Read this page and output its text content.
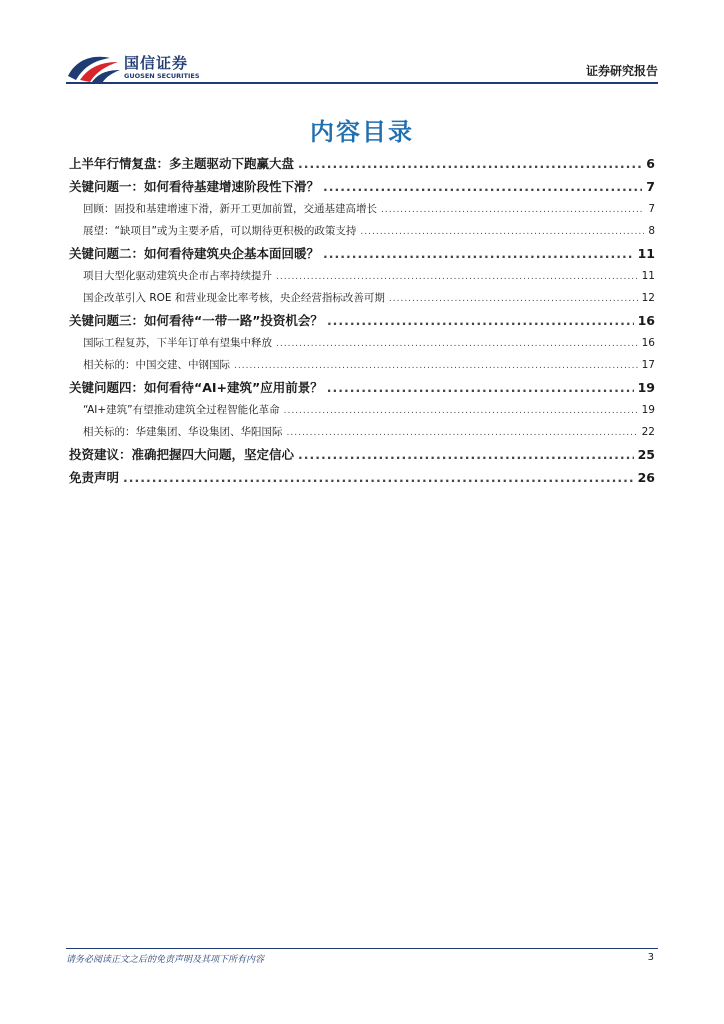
国信证券
GUOSEN SECURITIES	证券研究报告
内容目录
上半年行情复盘：多主题驱动下跑赢大盘 .....	6
关键问题一：如何看待基建增速阶段性下滑？ .....	7
回顾：固投和基建增速下滑，新开工更加前置，交通基建高增长 .....	7
展望：“缺项目”或为主要矛盾，可以期待更积极的政策支持 .....	8
关键问题二：如何看待建筑央企基本面回暖？ .....	11
项目大型化驱动建筑央企市占率持续提升 .....	11
国企改革引入 ROE 和营业现金比率考核，央企经营指标改善可期 .....	12
关键问题三：如何看待“一带一路”投资机会？ .....	16
国际工程复苏，下半年订单有望集中释放 .....	16
相关标的：中国交建、中钢国际 .....	17
关键问题四：如何看待“AI+建筑”应用前景？ .....	19
“AI+建筑”有望推动建筑全过程智能化革命 .....	19
相关标的：华建集团、华设集团、华阳国际 .....	22
投资建议：准确把握四大问题，坚定信心 .....	25
免责声明 .....	26
请务必阅读正文之后的免责声明及其项下所有内容	3
